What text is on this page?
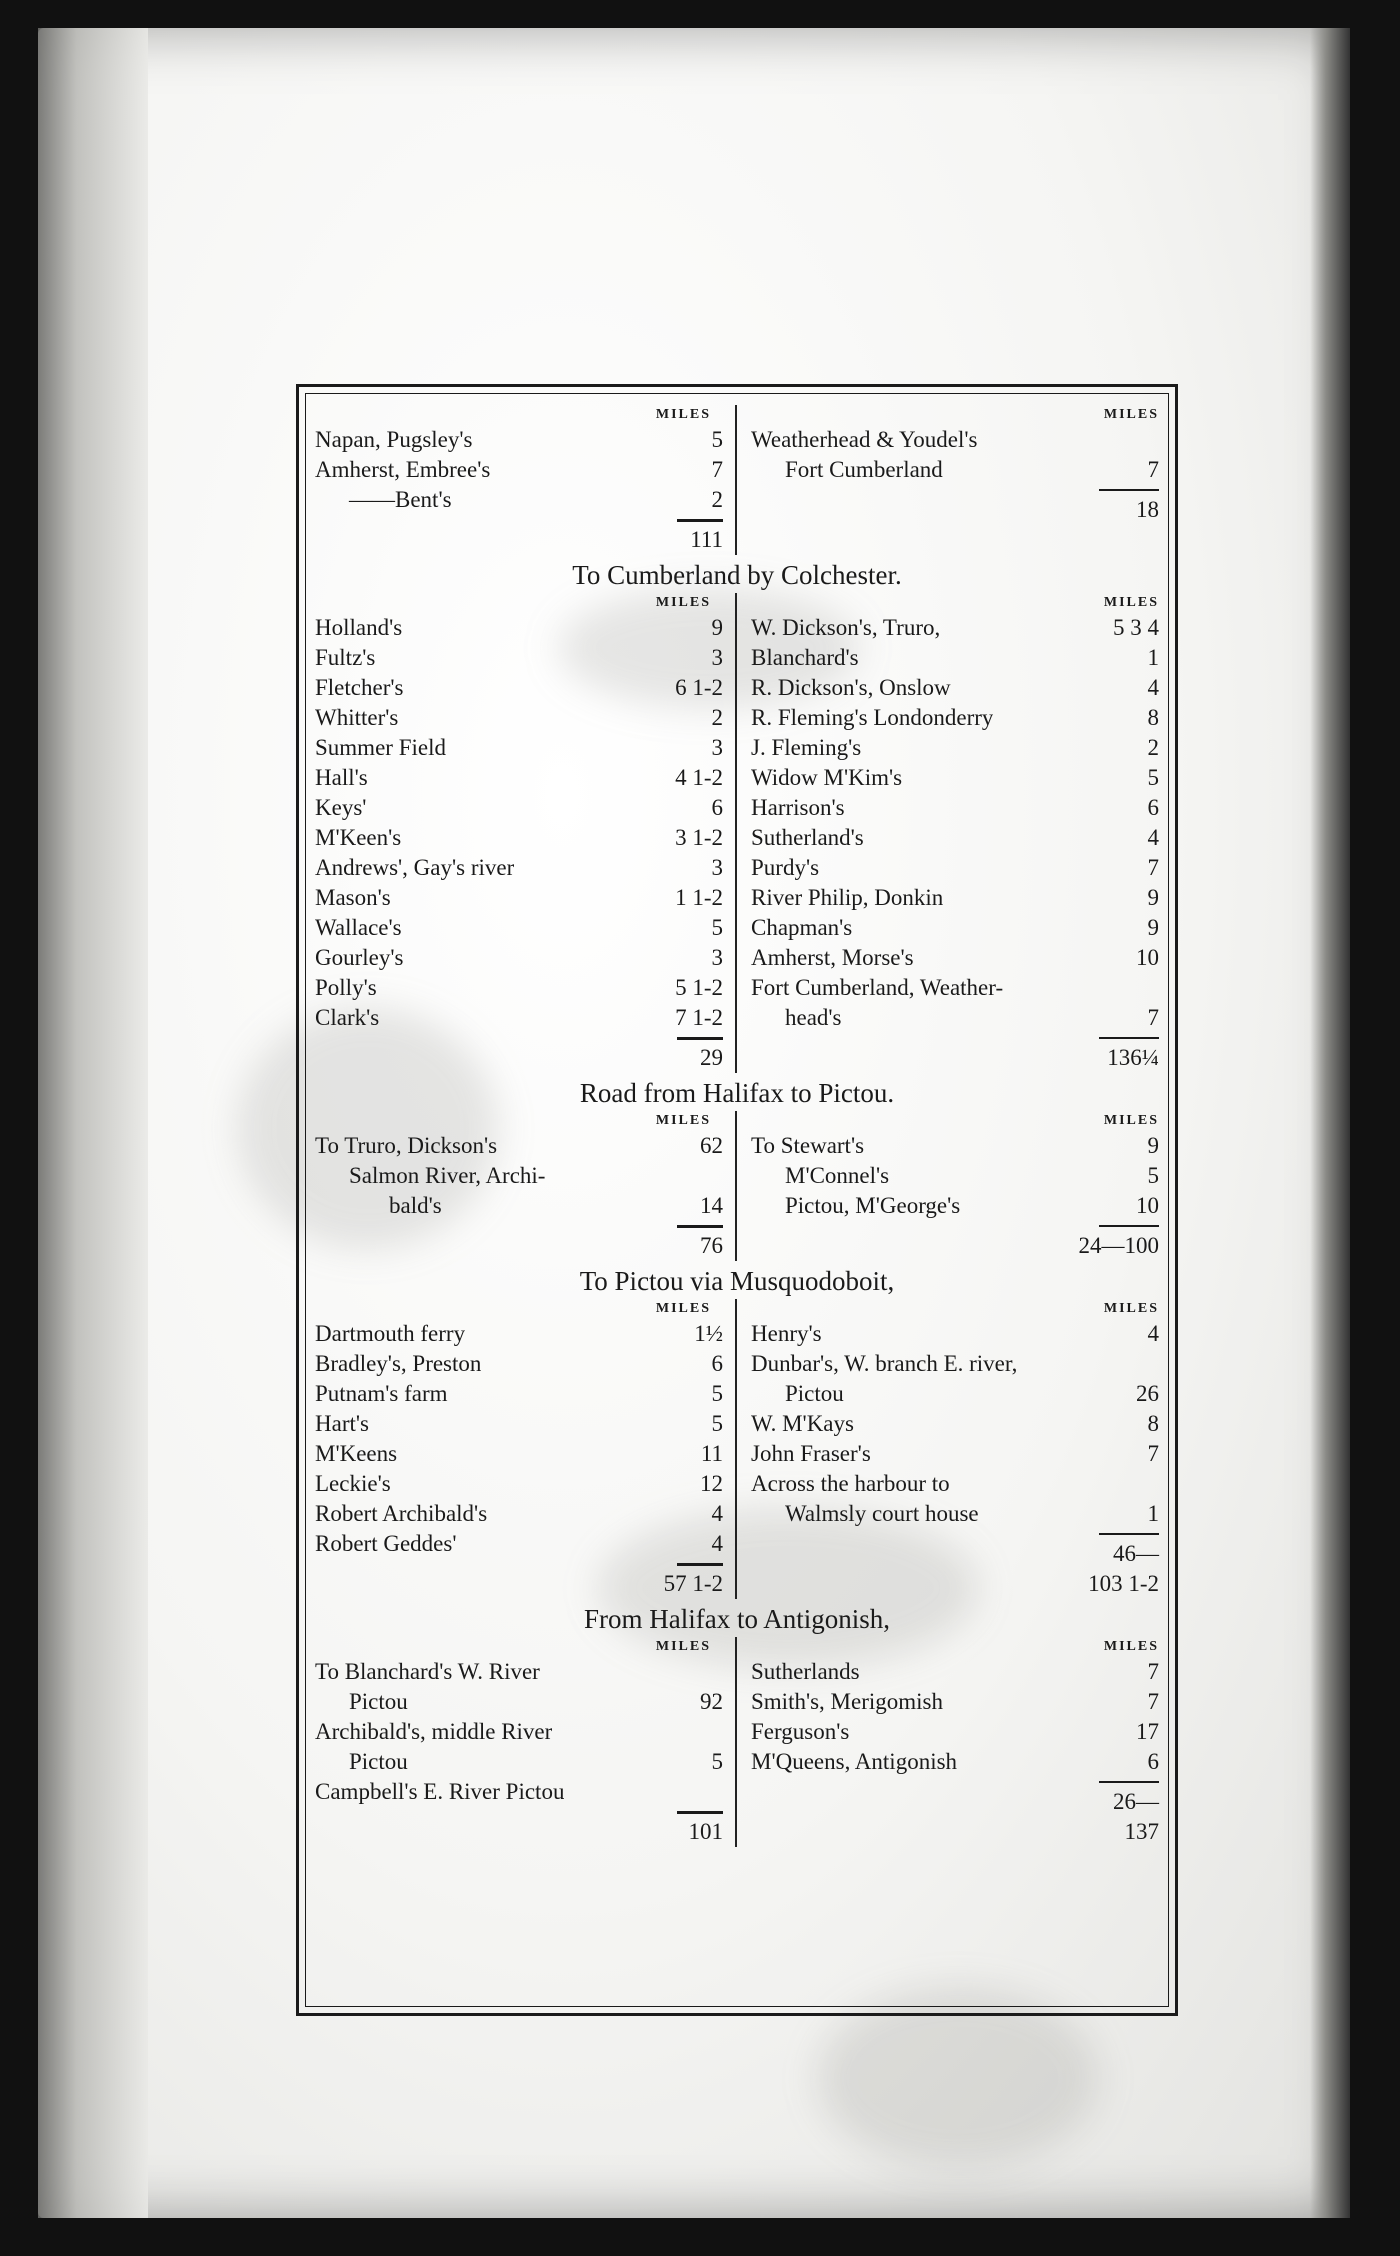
MILES
Napan, Pugsley's	5
Amherst, Embree's	7
——Bent's	2
111
MILES
Weatherhead & Youdel's
Fort Cumberland	7
18
To Cumberland by Colchester.
MILES
Holland's	9
Fultz's	3
Fletcher's	6 1-2
Whitter's	2
Summer Field	3
Hall's	4 1-2
Keys'	6
M'Keen's	3 1-2
Andrews', Gay's river	3
Mason's	1 1-2
Wallace's	5
Gourley's	3
Polly's	5 1-2
Clark's	7 1-2
29
MILES
W. Dickson's, Truro,	5 3 4
Blanchard's	1
R. Dickson's, Onslow	4
R. Fleming's Londonderry	8
J. Fleming's	2
Widow M'Kim's	5
Harrison's	6
Sutherland's	4
Purdy's	7
River Philip, Donkin	9
Chapman's	9
Amherst, Morse's	10
Fort Cumberland, Weather-
head's	7
136¼
Road from Halifax to Pictou.
MILES
To Truro, Dickson's	62
Salmon River, Archi-
bald's	14
76
MILES
To Stewart's	9
M'Connel's	5
Pictou, M'George's	10
24—100
To Pictou via Musquodoboit,
MILES
Dartmouth ferry	1½
Bradley's, Preston	6
Putnam's farm	5
Hart's	5
M'Keens	11
Leckie's	12
Robert Archibald's	4
Robert Geddes'	4
57 1-2
MILES
Henry's	4
Dunbar's, W. branch E. river,
Pictou	26
W. M'Kays	8
John Fraser's	7
Across the harbour to
Walmsly court house	1
46—
103 1-2
From Halifax to Antigonish,
MILES
To Blanchard's W. River
Pictou	92
Archibald's, middle River
Pictou	5
Campbell's E. River Pictou
101
MILES
Sutherlands	7
Smith's, Merigomish	7
Ferguson's	17
M'Queens, Antigonish	6
26—
137
